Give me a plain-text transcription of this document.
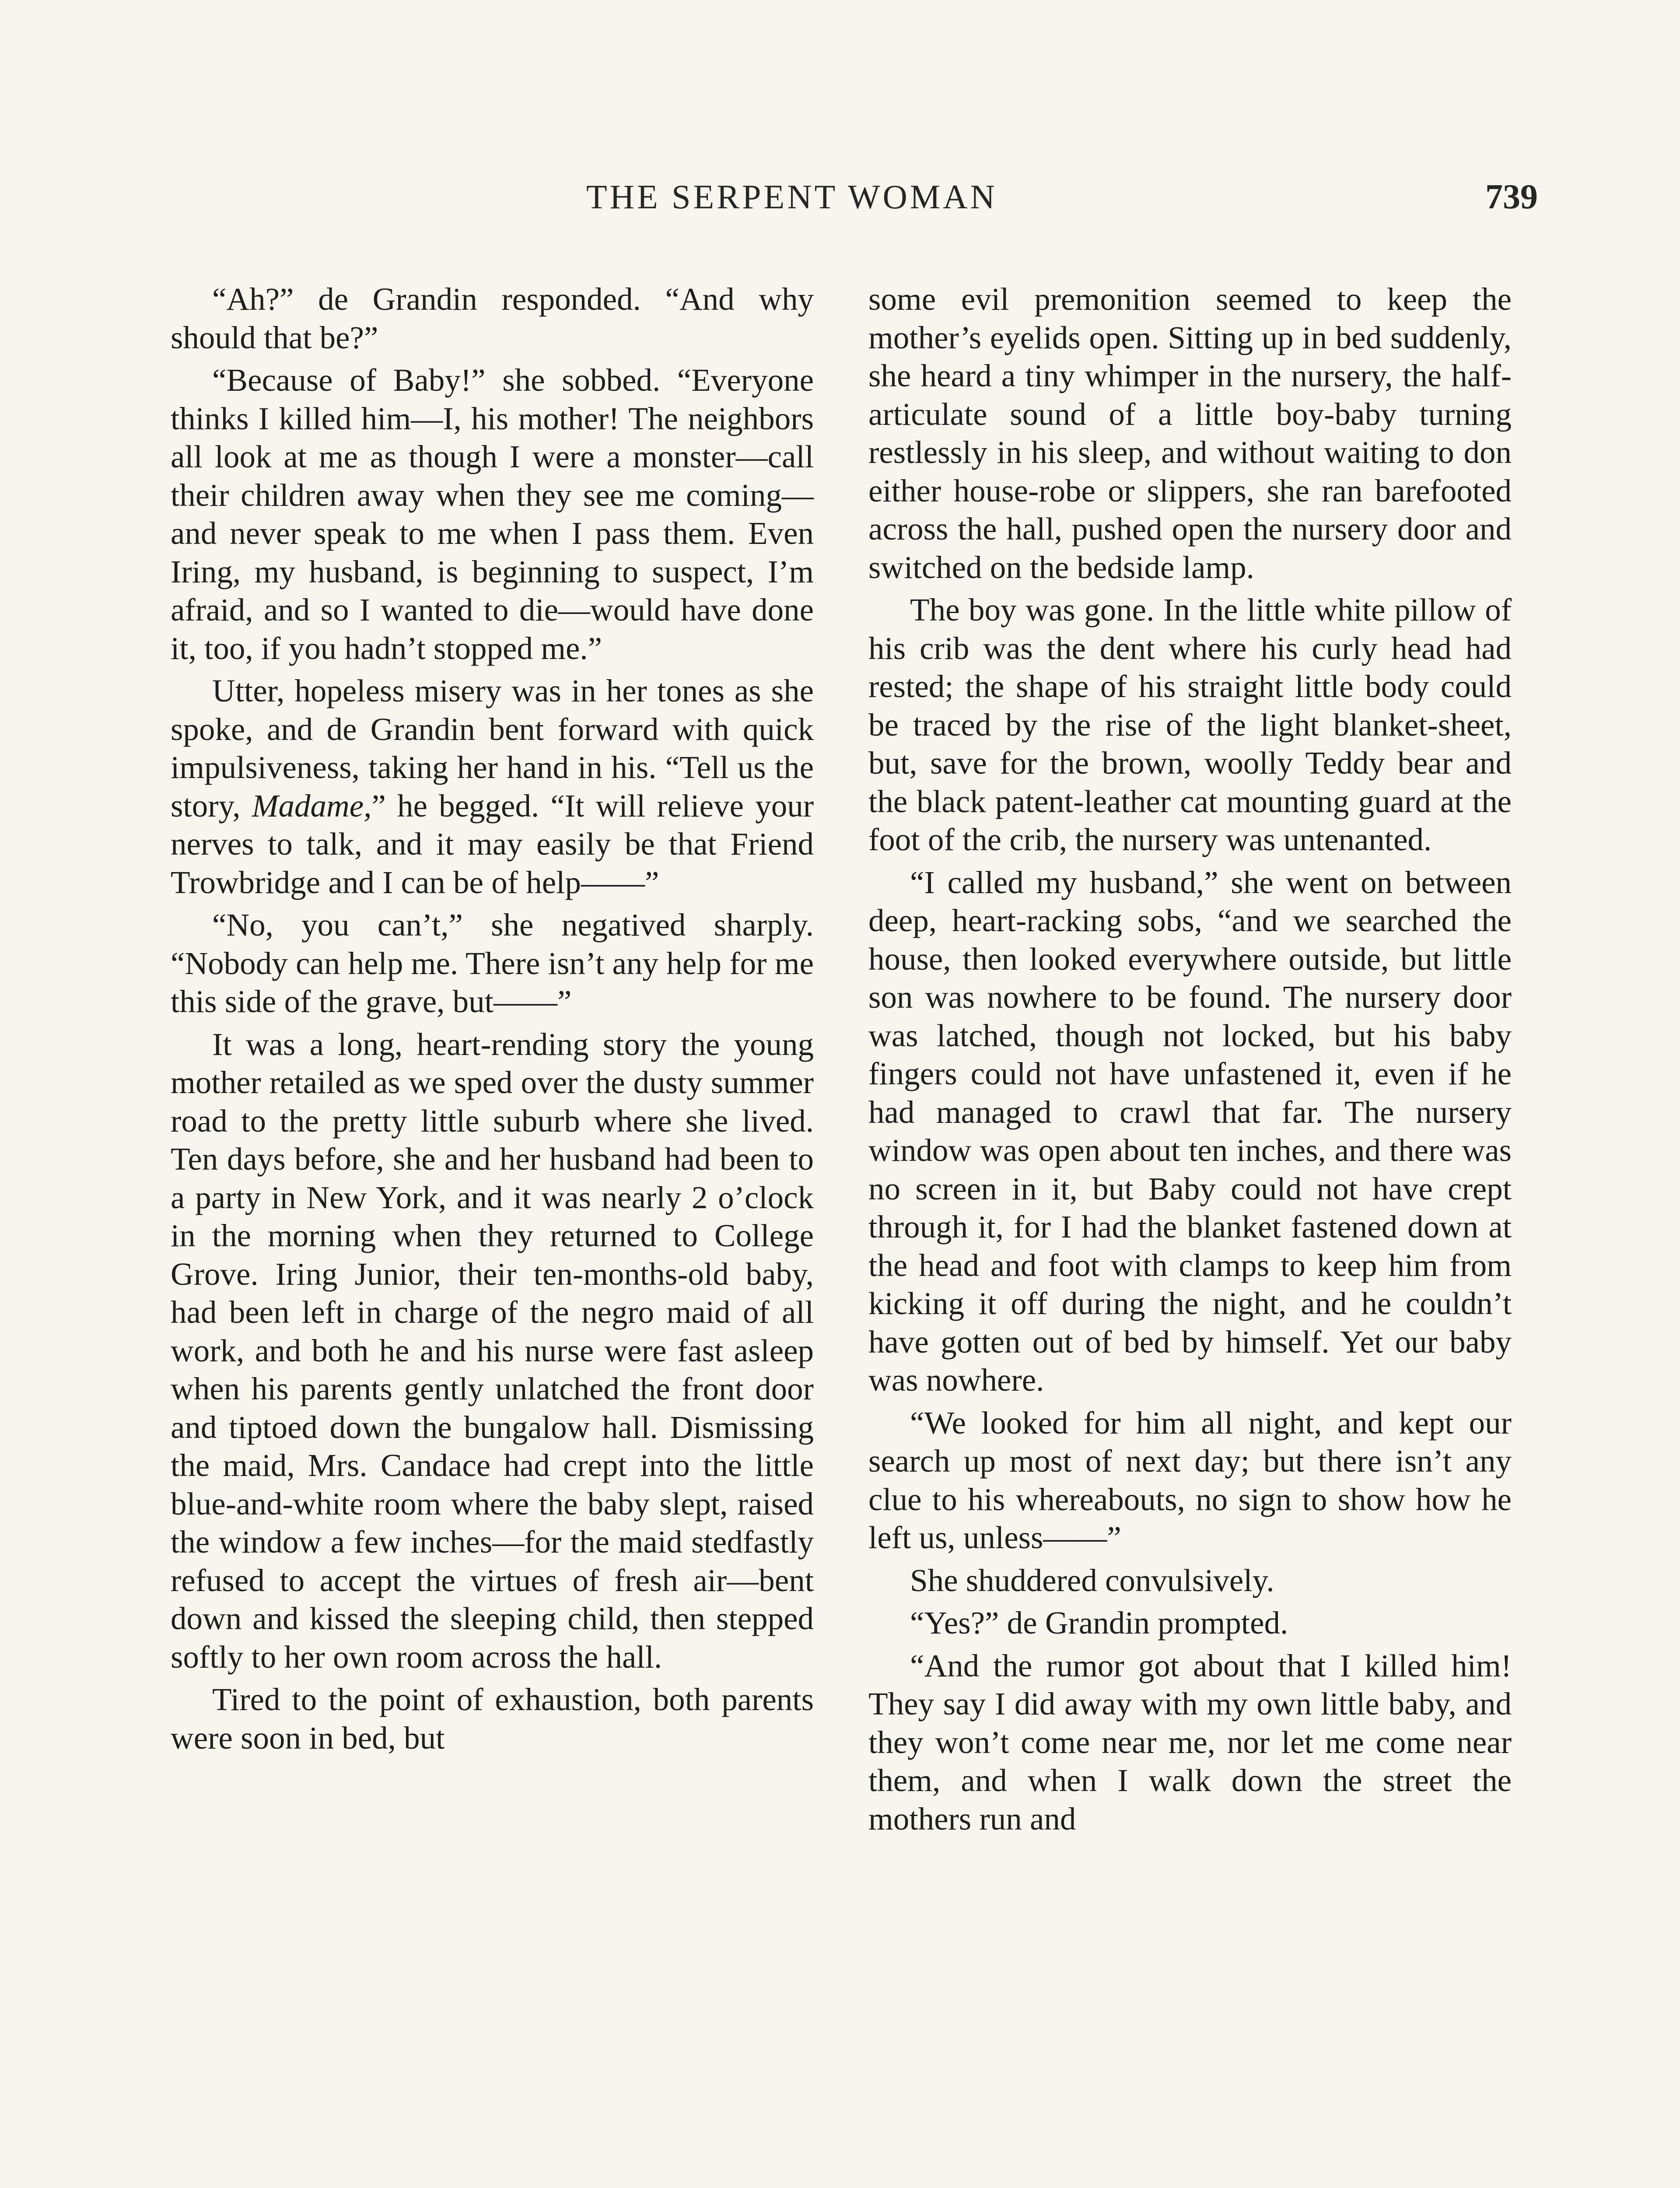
THE SERPENT WOMAN	739

“Ah?” de Grandin responded. “And why should that be?”

“Because of Baby!” she sobbed. “Everyone thinks I killed him—I, his mother! The neighbors all look at me as though I were a monster—call their children away when they see me coming—and never speak to me when I pass them. Even Iring, my husband, is beginning to suspect, I’m afraid, and so I wanted to die—would have done it, too, if you hadn’t stopped me.”

Utter, hopeless misery was in her tones as she spoke, and de Grandin bent forward with quick impulsiveness, taking her hand in his. “Tell us the story, Madame,” he begged. “It will relieve your nerves to talk, and it may easily be that Friend Trowbridge and I can be of help——”

“No, you can’t,” she negatived sharply. “Nobody can help me. There isn’t any help for me this side of the grave, but——”

It was a long, heart-rending story the young mother retailed as we sped over the dusty summer road to the pretty little suburb where she lived. Ten days before, she and her husband had been to a party in New York, and it was nearly 2 o’clock in the morning when they returned to College Grove. Iring Junior, their ten-months-old baby, had been left in charge of the negro maid of all work, and both he and his nurse were fast asleep when his parents gently unlatched the front door and tiptoed down the bungalow hall. Dismissing the maid, Mrs. Candace had crept into the little blue-and-white room where the baby slept, raised the window a few inches—for the maid stedfastly refused to accept the virtues of fresh air—bent down and kissed the sleeping child, then stepped softly to her own room across the hall.

Tired to the point of exhaustion, both parents were soon in bed, but

some evil premonition seemed to keep the mother’s eyelids open. Sitting up in bed suddenly, she heard a tiny whimper in the nursery, the half-articulate sound of a little boy-baby turning restlessly in his sleep, and without waiting to don either house-robe or slippers, she ran barefooted across the hall, pushed open the nursery door and switched on the bedside lamp.

The boy was gone. In the little white pillow of his crib was the dent where his curly head had rested; the shape of his straight little body could be traced by the rise of the light blanket-sheet, but, save for the brown, woolly Teddy bear and the black patent-leather cat mounting guard at the foot of the crib, the nursery was untenanted.

“I called my husband,” she went on between deep, heart-racking sobs, “and we searched the house, then looked everywhere outside, but little son was nowhere to be found. The nursery door was latched, though not locked, but his baby fingers could not have unfastened it, even if he had managed to crawl that far. The nursery window was open about ten inches, and there was no screen in it, but Baby could not have crept through it, for I had the blanket fastened down at the head and foot with clamps to keep him from kicking it off during the night, and he couldn’t have gotten out of bed by himself. Yet our baby was nowhere.

“We looked for him all night, and kept our search up most of next day; but there isn’t any clue to his whereabouts, no sign to show how he left us, unless——”

She shuddered convulsively.

“Yes?” de Grandin prompted.

“And the rumor got about that I killed him! They say I did away with my own little baby, and they won’t come near me, nor let me come near them, and when I walk down the street the mothers run and
